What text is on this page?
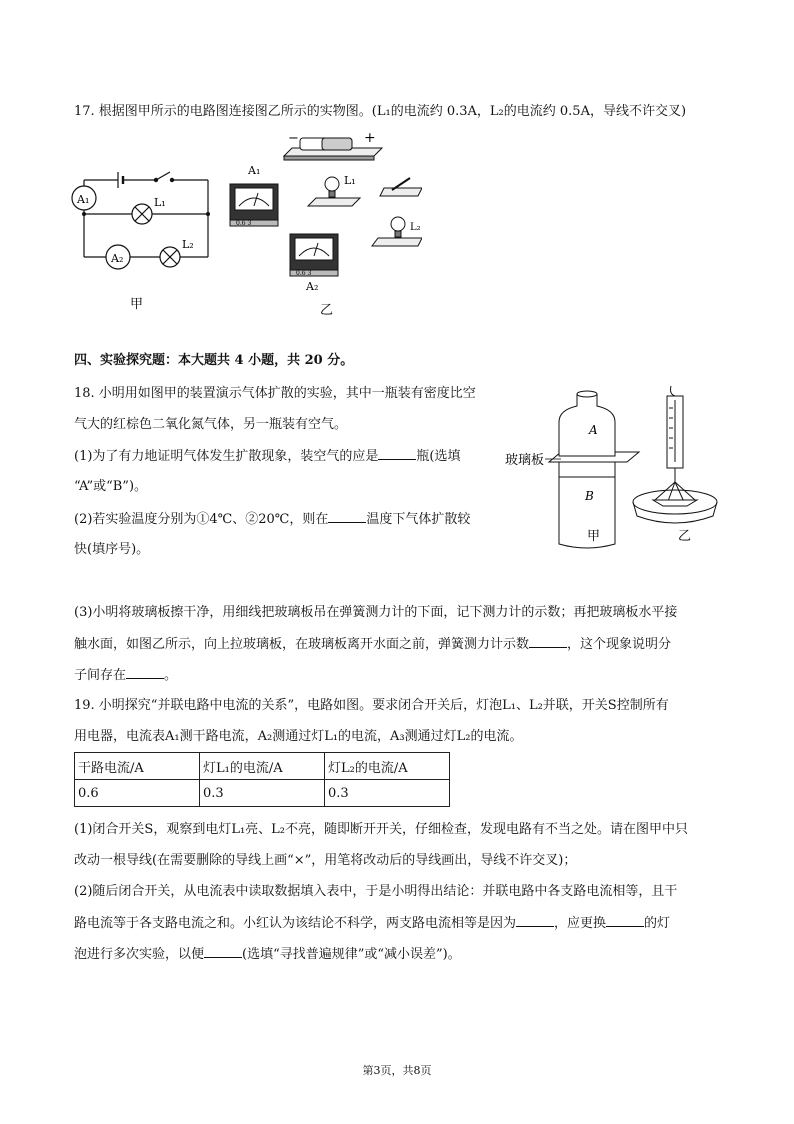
17. 根据图甲所示的电路图连接图乙所示的实物图。(L₁的电流约 0.3A，L₂的电流约 0.5A，导线不许交叉)
A₁
A₂
L₁
L₂
甲
−	+
A₁
0.6 3
0.6 3
A₂
L₁
L₂
乙
四、实验探究题：本大题共 4 小题，共 20 分。
18. 小明用如图甲的装置演示气体扩散的实验，其中一瓶装有密度比空
气大的红棕色二氧化氮气体，另一瓶装有空气。
(1)为了有力地证明气体发生扩散现象，装空气的应是	瓶(选填
“A”或“B”)。
(2)若实验温度分别为①4℃、②20℃，则在	温度下气体扩散较
快(填序号)。
(3)小明将玻璃板擦干净，用细线把玻璃板吊在弹簧测力计的下面，记下测力计的示数；再把玻璃板水平接
触水面，如图乙所示，向上拉玻璃板，在玻璃板离开水面之前，弹簧测力计示数	，这个现象说明分
子间存在	。
A
B
玻璃板
甲	乙
19. 小明探究“并联电路中电流的关系”，电路如图。要求闭合开关后，灯泡L₁、L₂并联，开关S控制所有
用电器，电流表A₁测干路电流，A₂测通过灯L₁的电流，A₃测通过灯L₂的电流。
干路电流/A	灯L₁的电流/A	灯L₂的电流/A
0.6	0.3	0.3
(1)闭合开关S，观察到电灯L₁亮、L₂不亮，随即断开开关，仔细检查，发现电路有不当之处。请在图甲中只
改动一根导线(在需要删除的导线上画“×”，用笔将改动后的导线画出，导线不许交叉)；
(2)随后闭合开关，从电流表中读取数据填入表中，于是小明得出结论：并联电路中各支路电流相等，且干
路电流等于各支路电流之和。小红认为该结论不科学，两支路电流相等是因为	，应更换	的灯
泡进行多次实验，以便	(选填“寻找普遍规律”或“减小误差”)。
第3页，共8页
